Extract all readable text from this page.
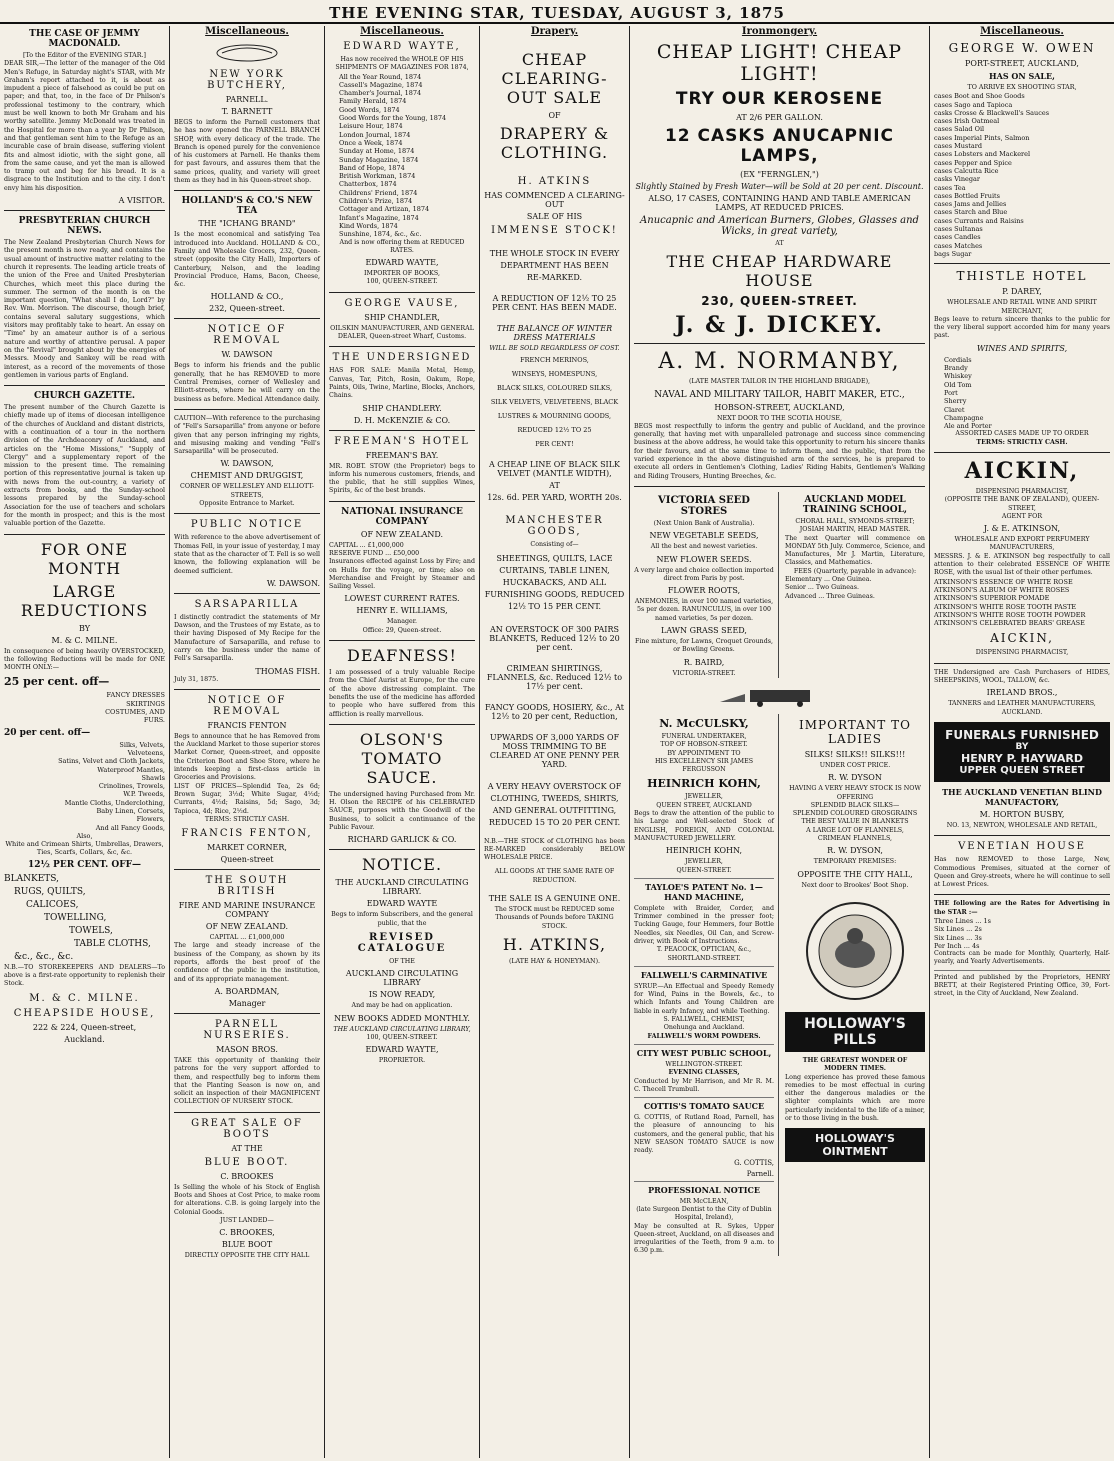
THE EVENING STAR, TUESDAY, AUGUST 3, 1875
THE CASE OF JEMMY MACDONALD.
[To the Editor of the EVENING STAR.]
DEAR SIR,—The letter of the manager of the Old Men's Refuge, in Saturday night's STAR, with Mr Graham's report attached to it, is about as impudent a piece of falsehood as could be put on paper; and that, too, in the face of Dr Philson's professional testimony to the contrary, which must be well known to both Mr Graham and his worthy satellite. Jemmy McDonald was treated in the Hospital for more than a year by Dr Philson, and that gentleman sent him to the Refuge as an incurable case of brain disease, suffering violent fits and almost idiotic, with the sight gone, all from the same cause, and yet the man is allowed to tramp out and beg for his bread. It is a disgrace to the Institution and to the city. I don't envy him his disposition.
A VISITOR.
PRESBYTERIAN CHURCH NEWS.
The New Zealand Presbyterian Church News for the present month is now ready, and contains the usual amount of instructive matter relating to the church it represents. The leading article treats of the union of the Free and United Presbyterian Churches, which meet this place during the summer. The sermon of the month is on the important question, "What shall I do, Lord?" by Rev. Wm. Morrison. The discourse, though brief, contains several salutary suggestions, which visitors may profitably take to heart. An essay on "Time" by an amateur author is of a serious nature and worthy of attentive perusal. A paper on the "Revival" brought about by the energies of Messrs. Moody and Sankey will be read with interest, as a record of the movements of those gentlemen in various parts of England.
CHURCH GAZETTE.
The present number of the Church Gazette is chiefly made up of items of diocesan intelligence of the churches of Auckland and distant districts, with a continuation of a tour in the northern division of the Archdeaconry of Auckland, and articles on the "Home Missions," "Supply of Clergy" and a supplementary report of the mission to the present time. The remaining portion of this representative journal is taken up with news from the out-country, a variety of extracts from books, and the Sunday-school lessons prepared by the Sunday-school Association for the use of teachers and scholars for the month in prospect; and this is the most valuable portion of the Gazette.
FOR ONE MONTH
LARGE REDUCTIONS
BY
M. & C. MILNE.
In consequence of being heavily OVERSTOCKED, the following Reductions will be made for ONE MONTH ONLY:—
25 per cent. off—
FANCY DRESSES
SKIRTINGS
COSTUMES, AND
FURS.
20 per cent. off—
Silks, Velvets,
Velveteens,
Satins, Velvet and Cloth Jackets,
Waterproof Mantles,
Shawls
Crinolines, Trowels,
W.P. Tweeds,
Mantle Cloths, Underclothing,
Baby Linen, Corsets,
Flowers,
And all Fancy Goods,
Also,
White and Crimean Shirts, Umbrellas, Drawers, Ties, Scarfs, Collars, &c, &c.
12½ PER CENT. OFF—
BLANKETS,
RUGS, QUILTS,
CALICOES,
TOWELLING,
TOWELS,
TABLE CLOTHS,
&c., &c., &c.
N.B.—TO STOREKEEPERS AND DEALERS—To above is a first-rate opportunity to replenish their Stock.
M. & C. MILNE.
CHEAPSIDE HOUSE,
222 & 224, Queen-street,
Auckland.
Miscellaneous.
NEW YORK BUTCHERY,
PARNELL.
T. BARNETT
BEGS to inform the Parnell customers that he has now opened the PARNELL BRANCH SHOP, with every delicacy of the trade. The Branch is opened purely for the convenience of his customers at Parnell. He thanks them for past favours, and assures them that the same prices, quality, and variety will greet them as they had in his Queen-street shop.
HOLLAND'S & CO.'S NEW TEA
THE "ICHANG BRAND"
Is the most economical and satisfying Tea introduced into Auckland. HOLLAND & CO., Family and Wholesale Grocers, 232, Queen-street (opposite the City Hall), Importers of Canterbury, Nelson, and the leading Provincial Produce, Hams, Bacon, Cheese, &c.
HOLLAND & CO.,
232, Queen-street.
NOTICE OF REMOVAL
W. DAWSON
Begs to inform his friends and the public generally, that he has REMOVED to more Central Premises, corner of Wellesley and Elliott-streets, where he will carry on the business as before. Medical Attendance daily.
CAUTION—With reference to the purchasing of "Fell's Sarsaparilla" from anyone or before given that any person infringing my rights, and misusing making and vending "Fell's Sarsaparilla" will be prosecuted.
W. DAWSON,
CHEMIST AND DRUGGIST,
CORNER OF WELLESLEY AND ELLIOTT-STREETS,
Opposite Entrance to Market.
PUBLIC NOTICE
With reference to the above advertisement of Thomas Fell, in your issue of yesterday, I may state that as the character of T. Fell is so well known, the following explanation will be deemed sufficient.
W. DAWSON.
SARSAPARILLA
I distinctly contradict the statements of Mr Dawson, and the Trustees of my Estate, as to their having Disposed of My Recipe for the Manufacture of Sarsaparilla, and refuse to carry on the business under the name of Fell's Sarsaparilla.
THOMAS FISH.
July 31, 1875.
NOTICE OF REMOVAL
FRANCIS FENTON
Begs to announce that he has Removed from the Auckland Market to those superior stores Market Corner, Queen-street, and opposite the Criterion Boot and Shoe Store, where he intends keeping a first-class article in Groceries and Provisions.
LIST OF PRICES—Splendid Tea, 2s 6d; Brown Sugar, 3½d; White Sugar, 4½d; Currants, 4½d; Raisins, 5d; Sago, 3d; Tapioca, 4d; Rice, 2½d.
TERMS: STRICTLY CASH.
FRANCIS FENTON,
MARKET CORNER,
Queen-street
THE SOUTH BRITISH
FIRE AND MARINE INSURANCE COMPANY
OF NEW ZEALAND.
CAPITAL ... £1,000,000
The large and steady increase of the business of the Company, as shown by its reports, affords the best proof of the confidence of the public in the institution, and of its appropriate management.
A. BOARDMAN,
Manager
PARNELL NURSERIES.
MASON BROS.
TAKE this opportunity of thanking their patrons for the very support afforded to them, and respectfully beg to inform them that the Planting Season is now on, and solicit an inspection of their MAGNIFICENT COLLECTION OF NURSERY STOCK.
GREAT SALE OF BOOTS
AT THE
BLUE BOOT.
C. BROOKES
Is Selling the whole of his Stock of English Boots and Shoes at Cost Price, to make room for alterations. C.B. is going largely into the Colonial Goods.
JUST LANDED—
C. BROOKES,
BLUE BOOT
DIRECTLY OPPOSITE THE CITY HALL
Miscellaneous.
EDWARD WAYTE,
Has now received the WHOLE OF HIS SHIPMENTS OF MAGAZINES FOR 1874,
All the Year Round, 1874
Cassell's Magazine, 1874
Chamber's Journal, 1874
Family Herald, 1874
Good Words, 1874
Good Words for the Young, 1874
Leisure Hour, 1874
London Journal, 1874
Once a Week, 1874
Sunday at Home, 1874
Sunday Magazine, 1874
Band of Hope, 1874
British Workman, 1874
Chatterbox, 1874
Childrens' Friend, 1874
Children's Prize, 1874
Cottager and Artizan, 1874
Infant's Magazine, 1874
Kind Words, 1874
Sunshine, 1874, &c., &c.
And is now offering them at REDUCED RATES.
EDWARD WAYTE,
IMPORTER OF BOOKS,
100, QUEEN-STREET.
GEORGE VAUSE,
SHIP CHANDLER,
OILSKIN MANUFACTURER, AND GENERAL DEALER, Queen-street Wharf, Customs.
THE UNDERSIGNED
HAS FOR SALE: Manila Metal, Hemp, Canvas, Tar, Pitch, Rosin, Oakum, Rope, Paints, Oils, Twine, Marline, Blocks, Anchors, Chains.
SHIP CHANDLERY.
D. H. McKENZIE & CO.
FREEMAN'S HOTEL
FREEMAN'S BAY.
MR. ROBT. STOW (the Proprietor) begs to inform his numerous customers, friends, and the public, that he still supplies Wines, Spirits, &c of the best brands.
NATIONAL INSURANCE COMPANY
OF NEW ZEALAND.
CAPITAL ... £1,000,000
RESERVE FUND ... £50,000
Insurances effected against Loss by Fire; and on Hulls for the voyage, or time; also on Merchandise and Freight by Steamer and Sailing Vessel.
LOWEST CURRENT RATES.
HENRY E. WILLIAMS,
Manager.
Office: 29, Queen-street.
DEAFNESS!
I am possessed of a truly valuable Recipe from the Chief Aurist at Europe, for the cure of the above distressing complaint. The benefits the use of the medicine has afforded to people who have suffered from this affliction is really marvellous.
OLSON'S TOMATO SAUCE.
The undersigned having Purchased from Mr. H. Olson the RECIPE of his CELEBRATED SAUCE, purposes with the Goodwill of the Business, to solicit a continuance of the Public Favour.
RICHARD GARLICK & CO.
NOTICE.
THE AUCKLAND CIRCULATING LIBRARY.
EDWARD WAYTE
Begs to inform Subscribers, and the general public, that the
REVISED CATALOGUE
OF THE
AUCKLAND CIRCULATING LIBRARY
IS NOW READY,
And may be had on application.
NEW BOOKS ADDED MONTHLY.
THE AUCKLAND CIRCULATING LIBRARY,
100, QUEEN-STREET.
EDWARD WAYTE,
PROPRIETOR.
Drapery.
CHEAP CLEARING-OUT SALE
OF
DRAPERY & CLOTHING.
H. ATKINS
HAS COMMENCED A CLEARING-OUT
SALE OF HIS
IMMENSE STOCK!
THE WHOLE STOCK IN EVERY
DEPARTMENT HAS BEEN
RE-MARKED.
A REDUCTION OF 12½ TO 25 PER CENT. HAS BEEN MADE.
THE BALANCE OF WINTER DRESS MATERIALS
WILL BE SOLD REGARDLESS OF COST.
FRENCH MERINOS,
WINSEYS, HOMESPUNS,
BLACK SILKS, COLOURED SILKS,
SILK VELVETS, VELVETEENS, BLACK
LUSTRES & MOURNING GOODS,
REDUCED 12½ TO 25
PER CENT!
A CHEAP LINE OF BLACK SILK VELVET (MANTLE WIDTH),
AT
12s. 6d. PER YARD, WORTH 20s.
MANCHESTER GOODS,
Consisting of—
SHEETINGS, QUILTS, LACE CURTAINS, TABLE LINEN, HUCKABACKS, AND ALL FURNISHING GOODS, REDUCED 12½ TO 15 PER CENT.
AN OVERSTOCK OF 300 PAIRS BLANKETS, Reduced 12½ to 20 per cent.
CRIMEAN SHIRTINGS, FLANNELS, &c. Reduced 12½ to 17½ per cent.
FANCY GOODS, HOSIERY, &c., At 12½ to 20 per cent, Reduction,
UPWARDS OF 3,000 YARDS OF MOSS TRIMMING TO BE CLEARED AT ONE PENNY PER YARD.
A VERY HEAVY OVERSTOCK OF CLOTHING, TWEEDS, SHIRTS, AND GENERAL OUTFITTING, REDUCED 15 TO 20 PER CENT.
N.B.—THE STOCK of CLOTHING has been RE-MARKED considerably BELOW WHOLESALE PRICE.
ALL GOODS AT THE SAME RATE OF REDUCTION.
THE SALE IS A GENUINE ONE.
The STOCK must be REDUCED some Thousands of Pounds before TAKING STOCK.
H. ATKINS,
(LATE HAY & HONEYMAN).
Ironmongery.
CHEAP LIGHT! CHEAP LIGHT!
TRY OUR KEROSENE
AT 2/6 PER GALLON.
12 CASKS ANUCAPNIC LAMPS,
(EX "FERNGLEN,")
Slightly Stained by Fresh Water—will be Sold at 20 per cent. Discount.
ALSO, 17 CASES, CONTAINING HAND AND TABLE AMERICAN LAMPS, AT REDUCED PRICES.
Anucapnic and American Burners, Globes, Glasses and Wicks, in great variety,
AT
THE CHEAP HARDWARE HOUSE
230, QUEEN-STREET.
J. & J. DICKEY.
A. M. NORMANBY,
(LATE MASTER TAILOR IN THE HIGHLAND BRIGADE),
NAVAL AND MILITARY TAILOR, HABIT MAKER, ETC.,
HOBSON-STREET, AUCKLAND,
NEXT DOOR TO THE SCOTIA HOUSE,
BEGS most respectfully to inform the gentry and public of Auckland, and the province generally, that having met with unparalleled patronage and success since commencing business at the above address, he would take this opportunity to return his sincere thanks for their favours, and at the same time to inform them, and the public, that from the varied experience in the above distinguished arm of the services, he is prepared to execute all orders in Gentlemen's Clothing, Ladies' Riding Habits, Gentlemen's Walking and Riding Trousers, Hunting Breeches, &c.
VICTORIA SEED STORES
(Next Union Bank of Australia).
NEW VEGETABLE SEEDS,
All the best and newest varieties.
NEW FLOWER SEEDS.
A very large and choice collection imported direct from Paris by post.
FLOWER ROOTS,
ANEMONIES, in over 100 named varieties, 5s per dozen. RANUNCULUS, in over 100 named varieties, 5s per dozen.
LAWN GRASS SEED,
Fine mixture, for Lawns, Croquet Grounds, or Bowling Greens.
R. BAIRD,
VICTORIA-STREET.
AUCKLAND MODEL TRAINING SCHOOL,
CHORAL HALL, SYMONDS-STREET;
JOSIAH MARTIN, HEAD MASTER.
The next Quarter will commence on MONDAY 5th July. Commerce, Science, and Manufactures, Mr J. Martin, Literature, Classics, and Mathematics.
FEES (Quarterly, payable in advance):
Elementary ... One Guinea.
Senior ... Two Guineas.
Advanced ... Three Guineas.
N. McCULSKY,
FUNERAL UNDERTAKER,
TOP OF HOBSON-STREET.
BY APPOINTMENT TO
HIS EXCELLENCY SIR JAMES FERGUSSON
HEINRICH KOHN,
JEWELLER,
QUEEN STREET, AUCKLAND
Begs to draw the attention of the public to his Large and Well-selected Stock of ENGLISH, FOREIGN, AND COLONIAL MANUFACTURED JEWELLERY.
HEINRICH KOHN,
JEWELLER,
QUEEN-STREET.
TAYLOE'S PATENT No. 1—HAND MACHINE,
Complete with Braider, Corder, and Trimmer combined in the presser foot; Tucking Gauge, four Hemmers, four Bottle Needles, six Needles, Oil Can, and Screw-driver, with Book of Instructions.
T. PEACOCK, OPTICIAN, &c.,
SHORTLAND-STREET.
FALLWELL'S CARMINATIVE
SYRUP.—An Effectual and Speedy Remedy for Wind, Pains in the Bowels, &c., to which Infants and Young Children are liable in early Infancy, and while Teething.
S. FALLWELL, CHEMIST,
Onehunga and Auckland.
FALLWELL'S WORM POWDERS.
CITY WEST PUBLIC SCHOOL,
WELLINGTON-STREET.
EVENING CLASSES,
Conducted by Mr Harrison, and Mr R. M. C. Thecell Trumbull.
COTTIS'S TOMATO SAUCE
G. COTTIS, of Rutland Road, Parnell, has the pleasure of announcing to his customers, and the general public, that his NEW SEASON TOMATO SAUCE is now ready.
G. COTTIS,
Parnell.
PROFESSIONAL NOTICE
MR McCLEAN,
(late Surgeon Dentist to the City of Dublin Hospital, Ireland),
May be consulted at R. Sykes, Upper Queen-street, Auckland, on all diseases and irregularities of the Teeth, from 9 a.m. to 6.30 p.m.
IMPORTANT TO LADIES
SILKS! SILKS!! SILKS!!!
UNDER COST PRICE.
R. W. DYSON
HAVING A VERY HEAVY STOCK IS NOW OFFERING
SPLENDID BLACK SILKS—
SPLENDID COLOURED GROSGRAINS
THE BEST VALUE IN BLANKETS
A LARGE LOT OF FLANNELS,
CRIMEAN FLANNELS,
R. W. DYSON,
TEMPORARY PREMISES:
OPPOSITE THE CITY HALL,
Next door to Brookes' Boot Shop.
HOLLOWAY'S PILLS
THE GREATEST WONDER OF MODERN TIMES.
Long experience has proved these famous remedies to be most effectual in curing either the dangerous maladies or the slighter complaints which are more particularly incidental to the life of a miner, or to those living in the bush.
HOLLOWAY'S OINTMENT
Miscellaneous.
GEORGE W. OWEN
PORT-STREET, AUCKLAND,
HAS ON SALE,
TO ARRIVE EX SHOOTING STAR,
cases Boot and Shoe Goods
cases Sago and Tapioca
casks Crosse & Blackwell's Sauces
cases Irish Oatmeal
cases Salad Oil
cases Imperial Pints, Salmon
cases Mustard
cases Lobsters and Mackerel
cases Pepper and Spice
cases Calcutta Rice
casks Vinegar
cases Tea
cases Bottled Fruits
cases Jams and Jellies
cases Starch and Blue
cases Currants and Raisins
cases Sultanas
cases Candles
cases Matches
bags Sugar
THISTLE HOTEL
P. DAREY,
WHOLESALE AND RETAIL WINE AND SPIRIT MERCHANT,
Begs leave to return sincere thanks to the public for the very liberal support accorded him for many years past.
WINES AND SPIRITS,
Cordials
Brandy
Whiskey
Old Tom
Port
Sherry
Claret
Champagne
Ale and Porter
ASSORTED CASES MADE UP TO ORDER
TERMS: STRICTLY CASH.
AICKIN,
DISPENSING PHARMACIST,
(OPPOSITE THE BANK OF ZEALAND), QUEEN-STREET,
AGENT FOR
J. & E. ATKINSON,
WHOLESALE AND EXPORT PERFUMERY MANUFACTURERS,
MESSRS. J. & E. ATKINSON beg respectfully to call attention to their celebrated ESSENCE OF WHITE ROSE, with the usual list of their other perfumes.
ATKINSON'S ESSENCE OF WHITE ROSE
ATKINSON'S ALBUM OF WHITE ROSES
ATKINSON'S SUPERIOR POMADE
ATKINSON'S WHITE ROSE TOOTH PASTE
ATKINSON'S WHITE ROSE TOOTH POWDER
ATKINSON'S CELEBRATED BEARS' GREASE
AICKIN,
DISPENSING PHARMACIST,
THE Undersigned are Cash Purchasers of HIDES, SHEEPSKINS, WOOL, TALLOW, &c.
IRELAND BROS.,
TANNERS and LEATHER MANUFACTURERS,
AUCKLAND.
FUNERALS FURNISHED
BY
HENRY P. HAYWARD
UPPER QUEEN STREET
THE AUCKLAND VENETIAN BLIND MANUFACTORY,
M. HORTON BUSBY,
NO. 13, NEWTON, WHOLESALE AND RETAIL,
VENETIAN HOUSE
Has now REMOVED to those Large, New, Commodious Premises, situated at the corner of Queen and Grey-streets, where he will continue to sell at Lowest Prices.
THE following are the Rates for Advertising in the STAR :—
Three Lines ... 1s
Six Lines ... 2s
Six Lines ... 3s
Per Inch ... 4s
Contracts can be made for Monthly, Quarterly, Half-yearly, and Yearly Advertisements.
Printed and published by the Proprietors, HENRY BRETT, at their Registered Printing Office, 39, Fort-street, in the City of Auckland, New Zealand.
